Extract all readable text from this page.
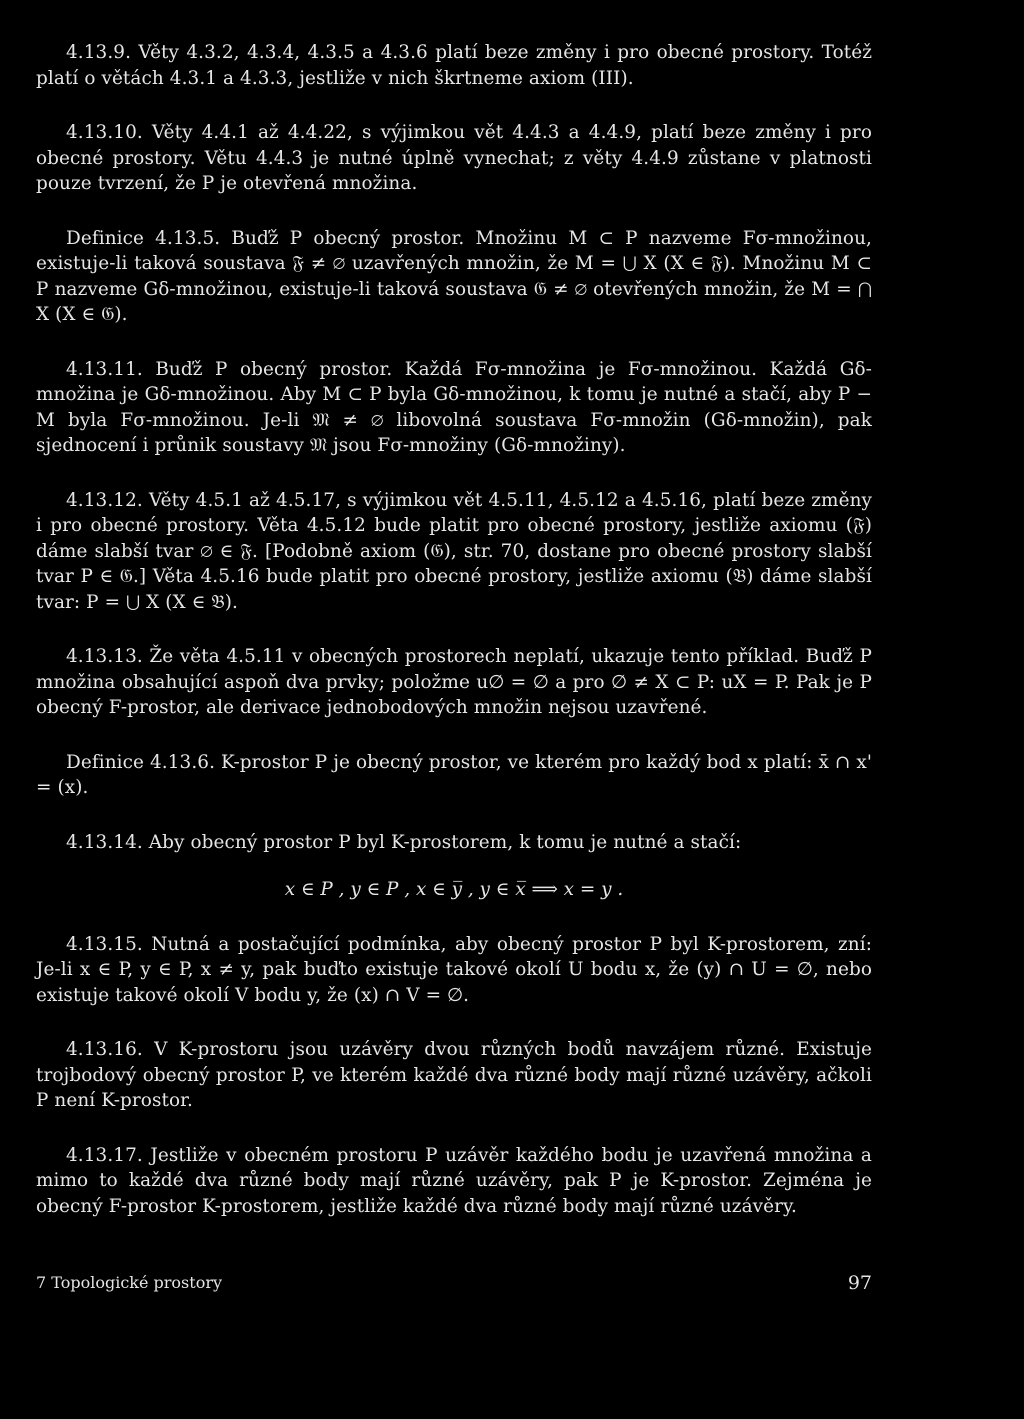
4.13.9. Věty 4.3.2, 4.3.4, 4.3.5 a 4.3.6 platí beze změny i pro obecné prostory. Totéž platí o větách 4.3.1 a 4.3.3, jestliže v nich škrtneme axiom (III).

4.13.10. Věty 4.4.1 až 4.4.22, s výjimkou vět 4.4.3 a 4.4.9, platí beze změny i pro obecné prostory. Větu 4.4.3 je nutné úplně vynechat; z věty 4.4.9 zůstane v platnosti pouze tvrzení, že P je otevřená množina.

Definice 4.13.5. Buďž P obecný prostor. Množinu M ⊂ P nazveme Fσ-množinou, existuje-li taková soustava 𝔉 ≠ ∅ uzavřených množin, že M = ⋃ X (X ∈ 𝔉). Množinu M ⊂ P nazveme Gδ-množinou, existuje-li taková soustava 𝔊 ≠ ∅ otevřených množin, že M = ⋂ X (X ∈ 𝔊).

4.13.11. Buďž P obecný prostor. Každá Fσ-množina je Fσ-množinou. Každá Gδ-množina je Gδ-množinou. Aby M ⊂ P byla Gδ-množinou, k tomu je nutné a stačí, aby P − M byla Fσ-množinou. Je-li 𝔐 ≠ ∅ libovolná soustava Fσ-množin (Gδ-množin), pak sjednocení i průnik soustavy 𝔐 jsou Fσ-množiny (Gδ-množiny).

4.13.12. Věty 4.5.1 až 4.5.17, s výjimkou vět 4.5.11, 4.5.12 a 4.5.16, platí beze změny i pro obecné prostory. Věta 4.5.12 bude platit pro obecné prostory, jestliže axiomu (𝔉) dáme slabší tvar ∅ ∈ 𝔉. [Podobně axiom (𝔊), str. 70, dostane pro obecné prostory slabší tvar P ∈ 𝔊.] Věta 4.5.16 bude platit pro obecné prostory, jestliže axiomu (𝔅) dáme slabší tvar: P = ⋃ X (X ∈ 𝔅).

4.13.13. Že věta 4.5.11 v obecných prostorech neplatí, ukazuje tento příklad. Buďž P množina obsahující aspoň dva prvky; položme u∅ = ∅ a pro ∅ ≠ X ⊂ P: uX = P. Pak je P obecný F-prostor, ale derivace jednobodových množin nejsou uzavřené.

Definice 4.13.6. K-prostor P je obecný prostor, ve kterém pro každý bod x platí: x̄ ∩ x' = (x).

4.13.14. Aby obecný prostor P byl K-prostorem, k tomu je nutné a stačí:

x ∈ P , y ∈ P , x ∈ y̅ , y ∈ x̅ ⟹ x = y .

4.13.15. Nutná a postačující podmínka, aby obecný prostor P byl K-prostorem, zní: Je-li x ∈ P, y ∈ P, x ≠ y, pak buďto existuje takové okolí U bodu x, že (y) ∩ U = ∅, nebo existuje takové okolí V bodu y, že (x) ∩ V = ∅.

4.13.16. V K-prostoru jsou uzávěry dvou různých bodů navzájem různé. Existuje trojbodový obecný prostor P, ve kterém každé dva různé body mají různé uzávěry, ačkoli P není K-prostor.

4.13.17. Jestliže v obecném prostoru P uzávěr každého bodu je uzavřená množina a mimo to každé dva různé body mají různé uzávěry, pak P je K-prostor. Zejména je obecný F-prostor K-prostorem, jestliže každé dva různé body mají různé uzávěry.

7 Topologické prostory	97
